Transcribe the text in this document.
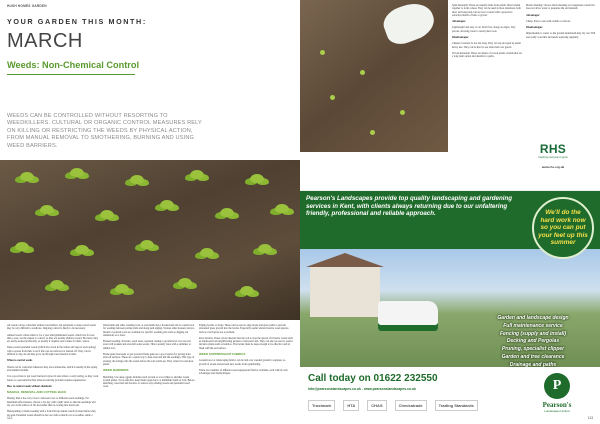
HUSH HOMES GARDEN
YOUR GARDEN THIS MONTH:
MARCH
Weeds: Non-Chemical Control
WEEDS CAN BE CONTROLLED WITHOUT RESORTING TO WEEDKILLERS. CULTURAL OR ORGANIC CONTROL MEASURES RELY ON KILLING OR RESTRICTING THE WEEDS BY PHYSICAL ACTION, FROM MANUAL REMOVAL TO SMOTHERING, BURNING AND USING WEED BARRIERS.

All weeds can be controlled without weed killers, but persistent or deep-rooted weeds may be very difficult to eradicate. Ongoing control is likely to be necessary.

Annual weeds: whole small or for a year until gimmicked weeds, which live for less than a year, are the easiest to control, as they are usually shallow-rooted. However, they are easily seeded prolifically, so usually it requires real routine for their control.

Deep-rooted perennial weeds (which live down in the winter and regrow each spring) will re-sprout from their roots if the tops are removed or burned off. They can be difficult to dig out and may grow up through weed barriers in time.

When to control weeds

Weeds can be controlled whenever they are troublesome, which is usually in the spring and summer months.

It is a good idea to put weed barriers in place in late winter or early spring, as they work better as a preventative than when an existing problem requires suppression.

How to control weeds without chemicals:

MANUAL REMOVAL AND CUTTING BACK

Hoeing: Run a hoe very close to between rows or different weed seedlings. For maximum effectiveness, choose a dry day with a light wind, so that the seedlings will dry out on the surface of the bed rather than re-rooting into moist soil.

Hand-pulling or hand-weeding with a fork: Pull up annual weeds by hand before they set seed. Perennial weeds should be dug out with as much root as possible, using a

Weed knife and other weeding tools: A weed knife has a hooked end and is a useful tool for weeding between paving slabs and along path edging. Various other hooked, narrow-bladed or pointed tools are available for specific weeding jobs such as digging out dandelions on a lawn.

Flamed weeding: In hotter, weed areas, repeated cutting to ground level over several years will weaken and even kill some weeds. This is usually done with a strimmer or similar tool.

Flame guns: Kerosene or gas powered flame guns are a good option for paving slabs and soil surfaces. These are a quick way to heat-treat and kill the seedlings. This type of strategy, the foliage, hits the weeds before the soil warms up. They cannot be used near plants.

WEED BARRIERS

Mulching: Use deep organic mulches such as bark or wood chips to smother weeds around plants. To be effective, keep them topped up to a minimum depth of 5cm. Before mulching, weed bed and borders, to remove any existing weeds and perennial weed roots.

Edging boards or strips: These can be used to edge lawns and grass paths to prevent unwanted grass growth into the border. Especially useful where invasive weed species such as couch grass are a problem.

Root barriers: These can be inserted into the soil to stop the spread of invasive weeds such as bindweed from neighbouring gardens or between beds. They can also be used to restrict invasive plants such as bamboo. The barrier must be deep enough to be effective and sit flush with the soil surface.

WEED SUPPRESSANT FABRICS

Groundcover or landscaping fabrics can be laid over weeded ground to suppress re-growth of weeds and prevent new weeds from germinating.

There are a number of different weed suppressant fabrics available, each with its own advantages and disadvantages.

112

Spun materials: These are usually made from plastic fibre bonded together to form a sheet. They can be used in most situations, both short and long term, but are best covered with a protective attractive mulch of bark or gravel.

Advantages:

Lightweight and easy to cut. Don't fray along cut edges. Very porous, allowing water to reach plant roots.

Disadvantages:

Cheaper versions do not last long. They can rip and open up under heavy use. They can be hard to see when laid over gravel.

Woven materials: These are sheets of woven plastic strands that are a long term option and durable for paths.

Plastic sheeting: Choose black sheeting as it suppresses weeds but does not allow water to penetrate the soil beneath.

Advantages:

Cheap. Easy to use with a knife or scissors.

Disadvantages:

Impermeable to water, so the ground underneath may dry out. Will tear easily over time and needs replacing regularly.

RHS
Inspiring everyone to grow
www.rhs.org.uk
Pearson's Landscapes provide top quality landscaping and gardening services in Kent, with clients always returning due to our unfaltering friendly, professional and reliable approach.
Garden and landscape design
Full maintenance service
Fencing (supply and install)
Decking and Pergolas
Pruning, specialist clipper
Garden and tree clearance
Drainage and paths
We'll do the hard work now so you can put your feet up this summer
Call today on 01622 232550
info@pearsonslandscapes.co.uk - www.pearsonslandscapes.co.uk
Trustmark	HTA	CHAS	Checkatrade	Trading Standards
P
Pearson's
Landscapes Limited
113
